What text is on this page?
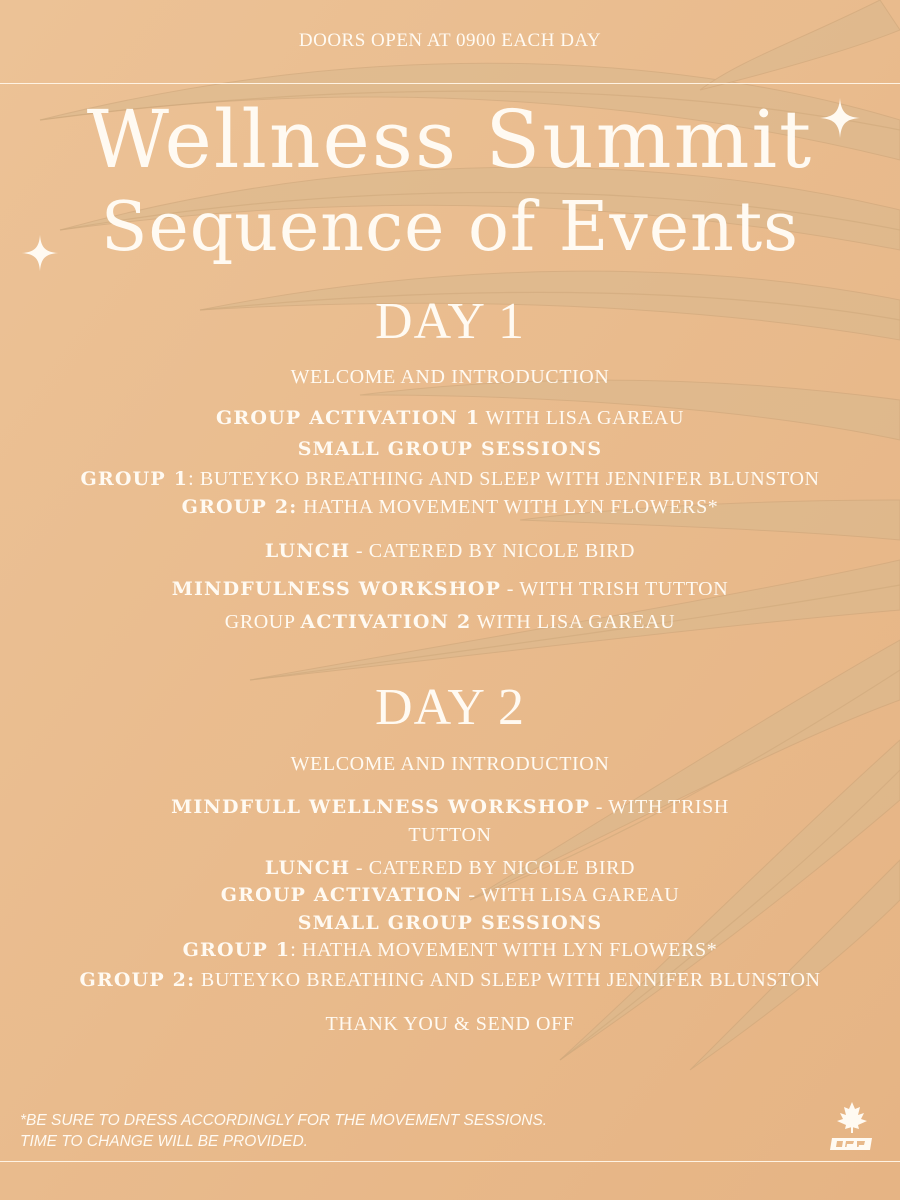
DOORS OPEN AT 0900 EACH DAY
Wellness Summit
Sequence of Events
DAY 1
WELCOME AND INTRODUCTION
GROUP ACTIVATION 1 WITH LISA GAREAU
SMALL GROUP SESSIONS
GROUP 1: BUTEYKO BREATHING AND SLEEP WITH JENNIFER BLUNSTON
GROUP 2: HATHA MOVEMENT WITH LYN FLOWERS*
LUNCH - CATERED BY NICOLE BIRD
MINDFULNESS WORKSHOP - WITH TRISH TUTTON
GROUP ACTIVATION 2 WITH LISA GAREAU
DAY 2
WELCOME AND INTRODUCTION
MINDFULL WELLNESS WORKSHOP - WITH TRISH
TUTTON
LUNCH - CATERED BY NICOLE BIRD
GROUP ACTIVATION - WITH LISA GAREAU
SMALL GROUP SESSIONS
GROUP 1: HATHA MOVEMENT WITH LYN FLOWERS*
GROUP 2: BUTEYKO BREATHING AND SLEEP WITH JENNIFER BLUNSTON
THANK YOU & SEND OFF
*BE SURE TO DRESS ACCORDINGLY FOR THE MOVEMENT SESSIONS.
TIME TO CHANGE WILL BE PROVIDED.
